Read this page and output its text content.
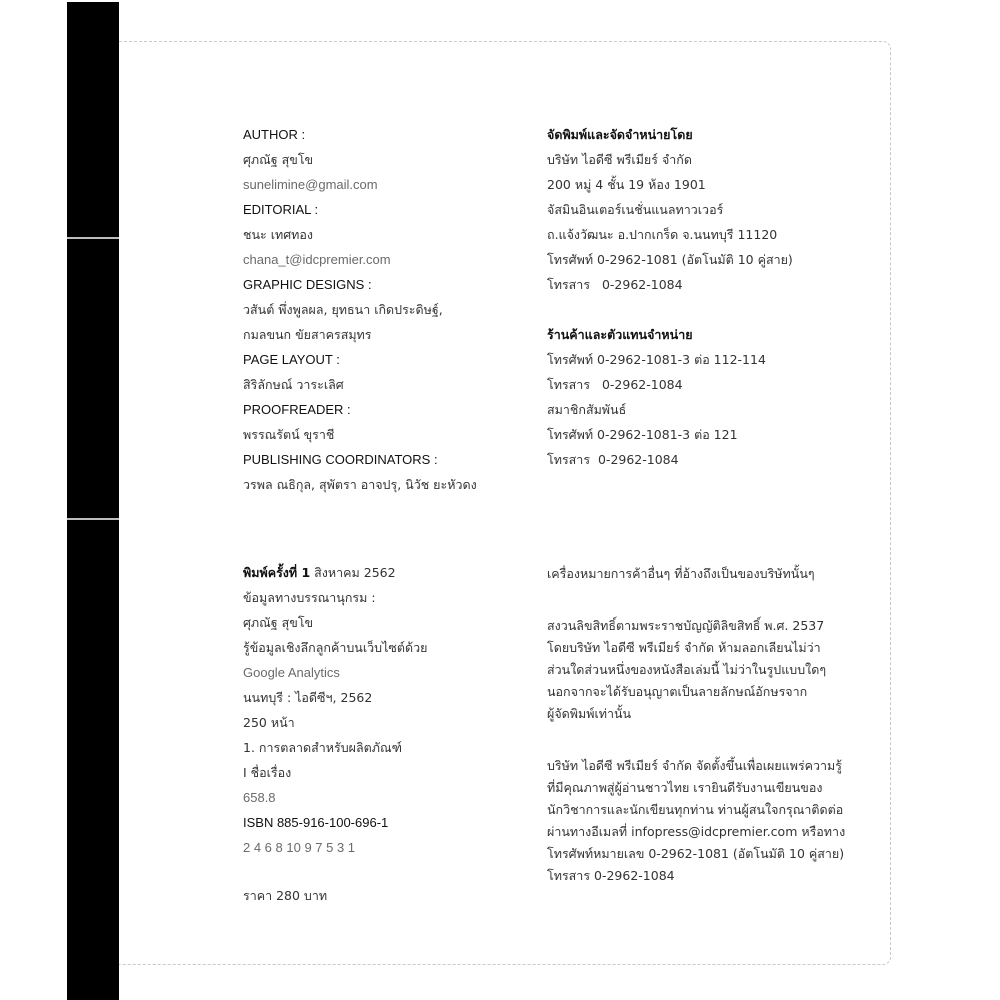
AUTHOR :
ศุภณัฐ สุขโข
sunelimine@gmail.com
EDITORIAL :
ชนะ เทศทอง
chana_t@idcpremier.com
GRAPHIC DESIGNS :
วสันต์ พึ่งพูลผล, ยุทธนา เกิดประดิษฐ์,
กมลขนก ขัยสาครสมุทร
PAGE LAYOUT :
สิริลักษณ์ วาระเลิศ
PROOFREADER :
พรรณรัตน์ ขุราชี
PUBLISHING COORDINATORS :
วรพล ณธิกุล, สุพัตรา อาจปรุ, นิวัช ยะหัวดง
จัดพิมพ์และจัดจำหน่ายโดย
บริษัท ไอดีซี พรีเมียร์ จำกัด
200 หมู่ 4 ชั้น 19 ห้อง 1901
จัสมินอินเตอร์เนชั่นแนลทาวเวอร์
ถ.แจ้งวัฒนะ อ.ปากเกร็ด จ.นนทบุรี 11120
โทรศัพท์ 0-2962-1081 (อัตโนมัติ 10 คู่สาย)
โทรสาร   0-2962-1084
ร้านค้าและตัวแทนจำหน่าย
โทรศัพท์ 0-2962-1081-3 ต่อ 112-114
โทรสาร   0-2962-1084
สมาชิกสัมพันธ์
โทรศัพท์ 0-2962-1081-3 ต่อ 121
โทรสาร  0-2962-1084
พิมพ์ครั้งที่ 1 สิงหาคม 2562
ข้อมูลทางบรรณานุกรม :
ศุภณัฐ สุขโข
รู้ข้อมูลเชิงลึกลูกค้าบนเว็บไซต์ด้วย
Google Analytics
นนทบุรี : ไอดีซีฯ, 2562
250 หน้า
1. การตลาดสำหรับผลิตภัณฑ์
I ชื่อเรื่อง
658.8
ISBN 885-916-100-696-1
2 4 6 8 10 9 7 5 3 1
ราคา 280 บาท
เครื่องหมายการค้าอื่นๆ ที่อ้างถึงเป็นของบริษัทนั้นๆ
สงวนลิขสิทธิ์ตามพระราชบัญญัติลิขสิทธิ์ พ.ศ. 2537
โดยบริษัท ไอดีซี พรีเมียร์ จำกัด ห้ามลอกเลียนไม่ว่า
ส่วนใดส่วนหนึ่งของหนังสือเล่มนี้ ไม่ว่าในรูปแบบใดๆ
นอกจากจะได้รับอนุญาตเป็นลายลักษณ์อักษรจาก
ผู้จัดพิมพ์เท่านั้น
บริษัท ไอดีซี พรีเมียร์ จำกัด จัดตั้งขึ้นเพื่อเผยแพร่ความรู้
ที่มีคุณภาพสู่ผู้อ่านชาวไทย เรายินดีรับงานเขียนของ
นักวิชาการและนักเขียนทุกท่าน ท่านผู้สนใจกรุณาติดต่อ
ผ่านทางอีเมลที่ infopress@idcpremier.com หรือทาง
โทรศัพท์หมายเลข 0-2962-1081 (อัตโนมัติ 10 คู่สาย)
โทรสาร 0-2962-1084
